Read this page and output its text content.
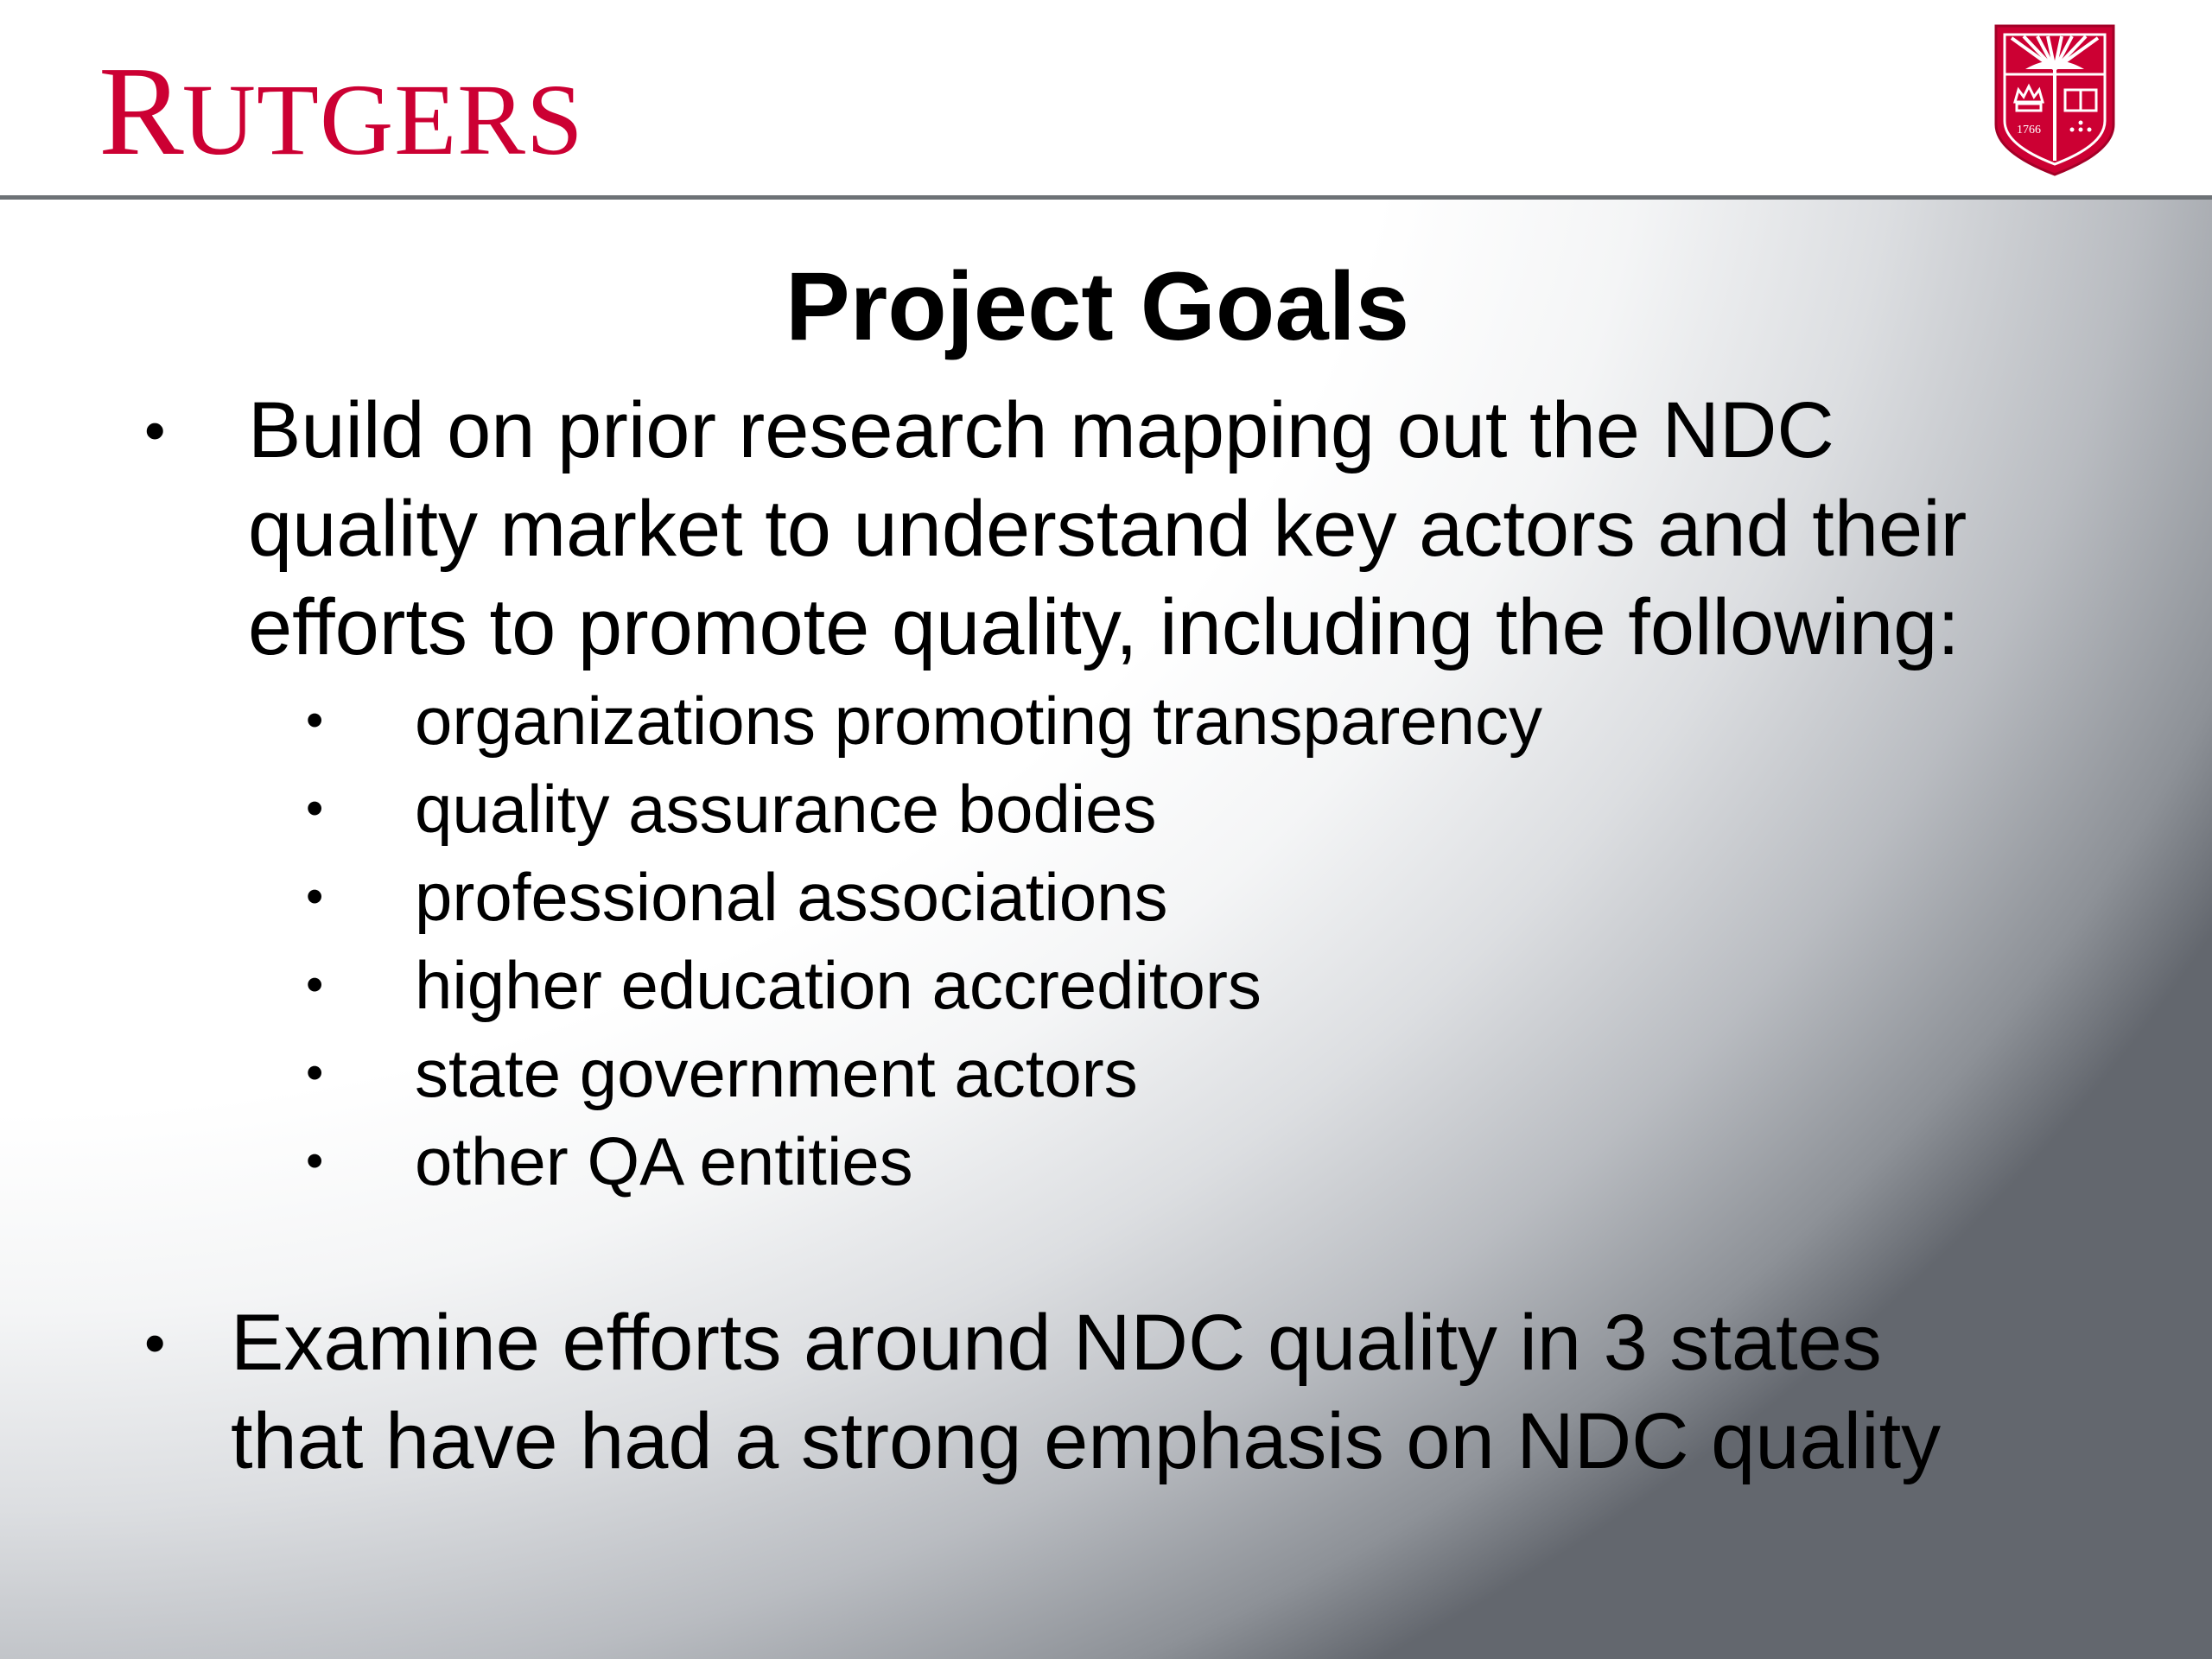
RUTGERS	1766
Project Goals
• Build on prior research mapping out the NDC
quality market to understand key actors and their
efforts to promote quality, including the following:
• organizations promoting transparency
• quality assurance bodies
• professional associations
• higher education accreditors
• state government actors
• other QA entities
• Examine efforts around NDC quality in 3 states
that have had a strong emphasis on NDC quality
